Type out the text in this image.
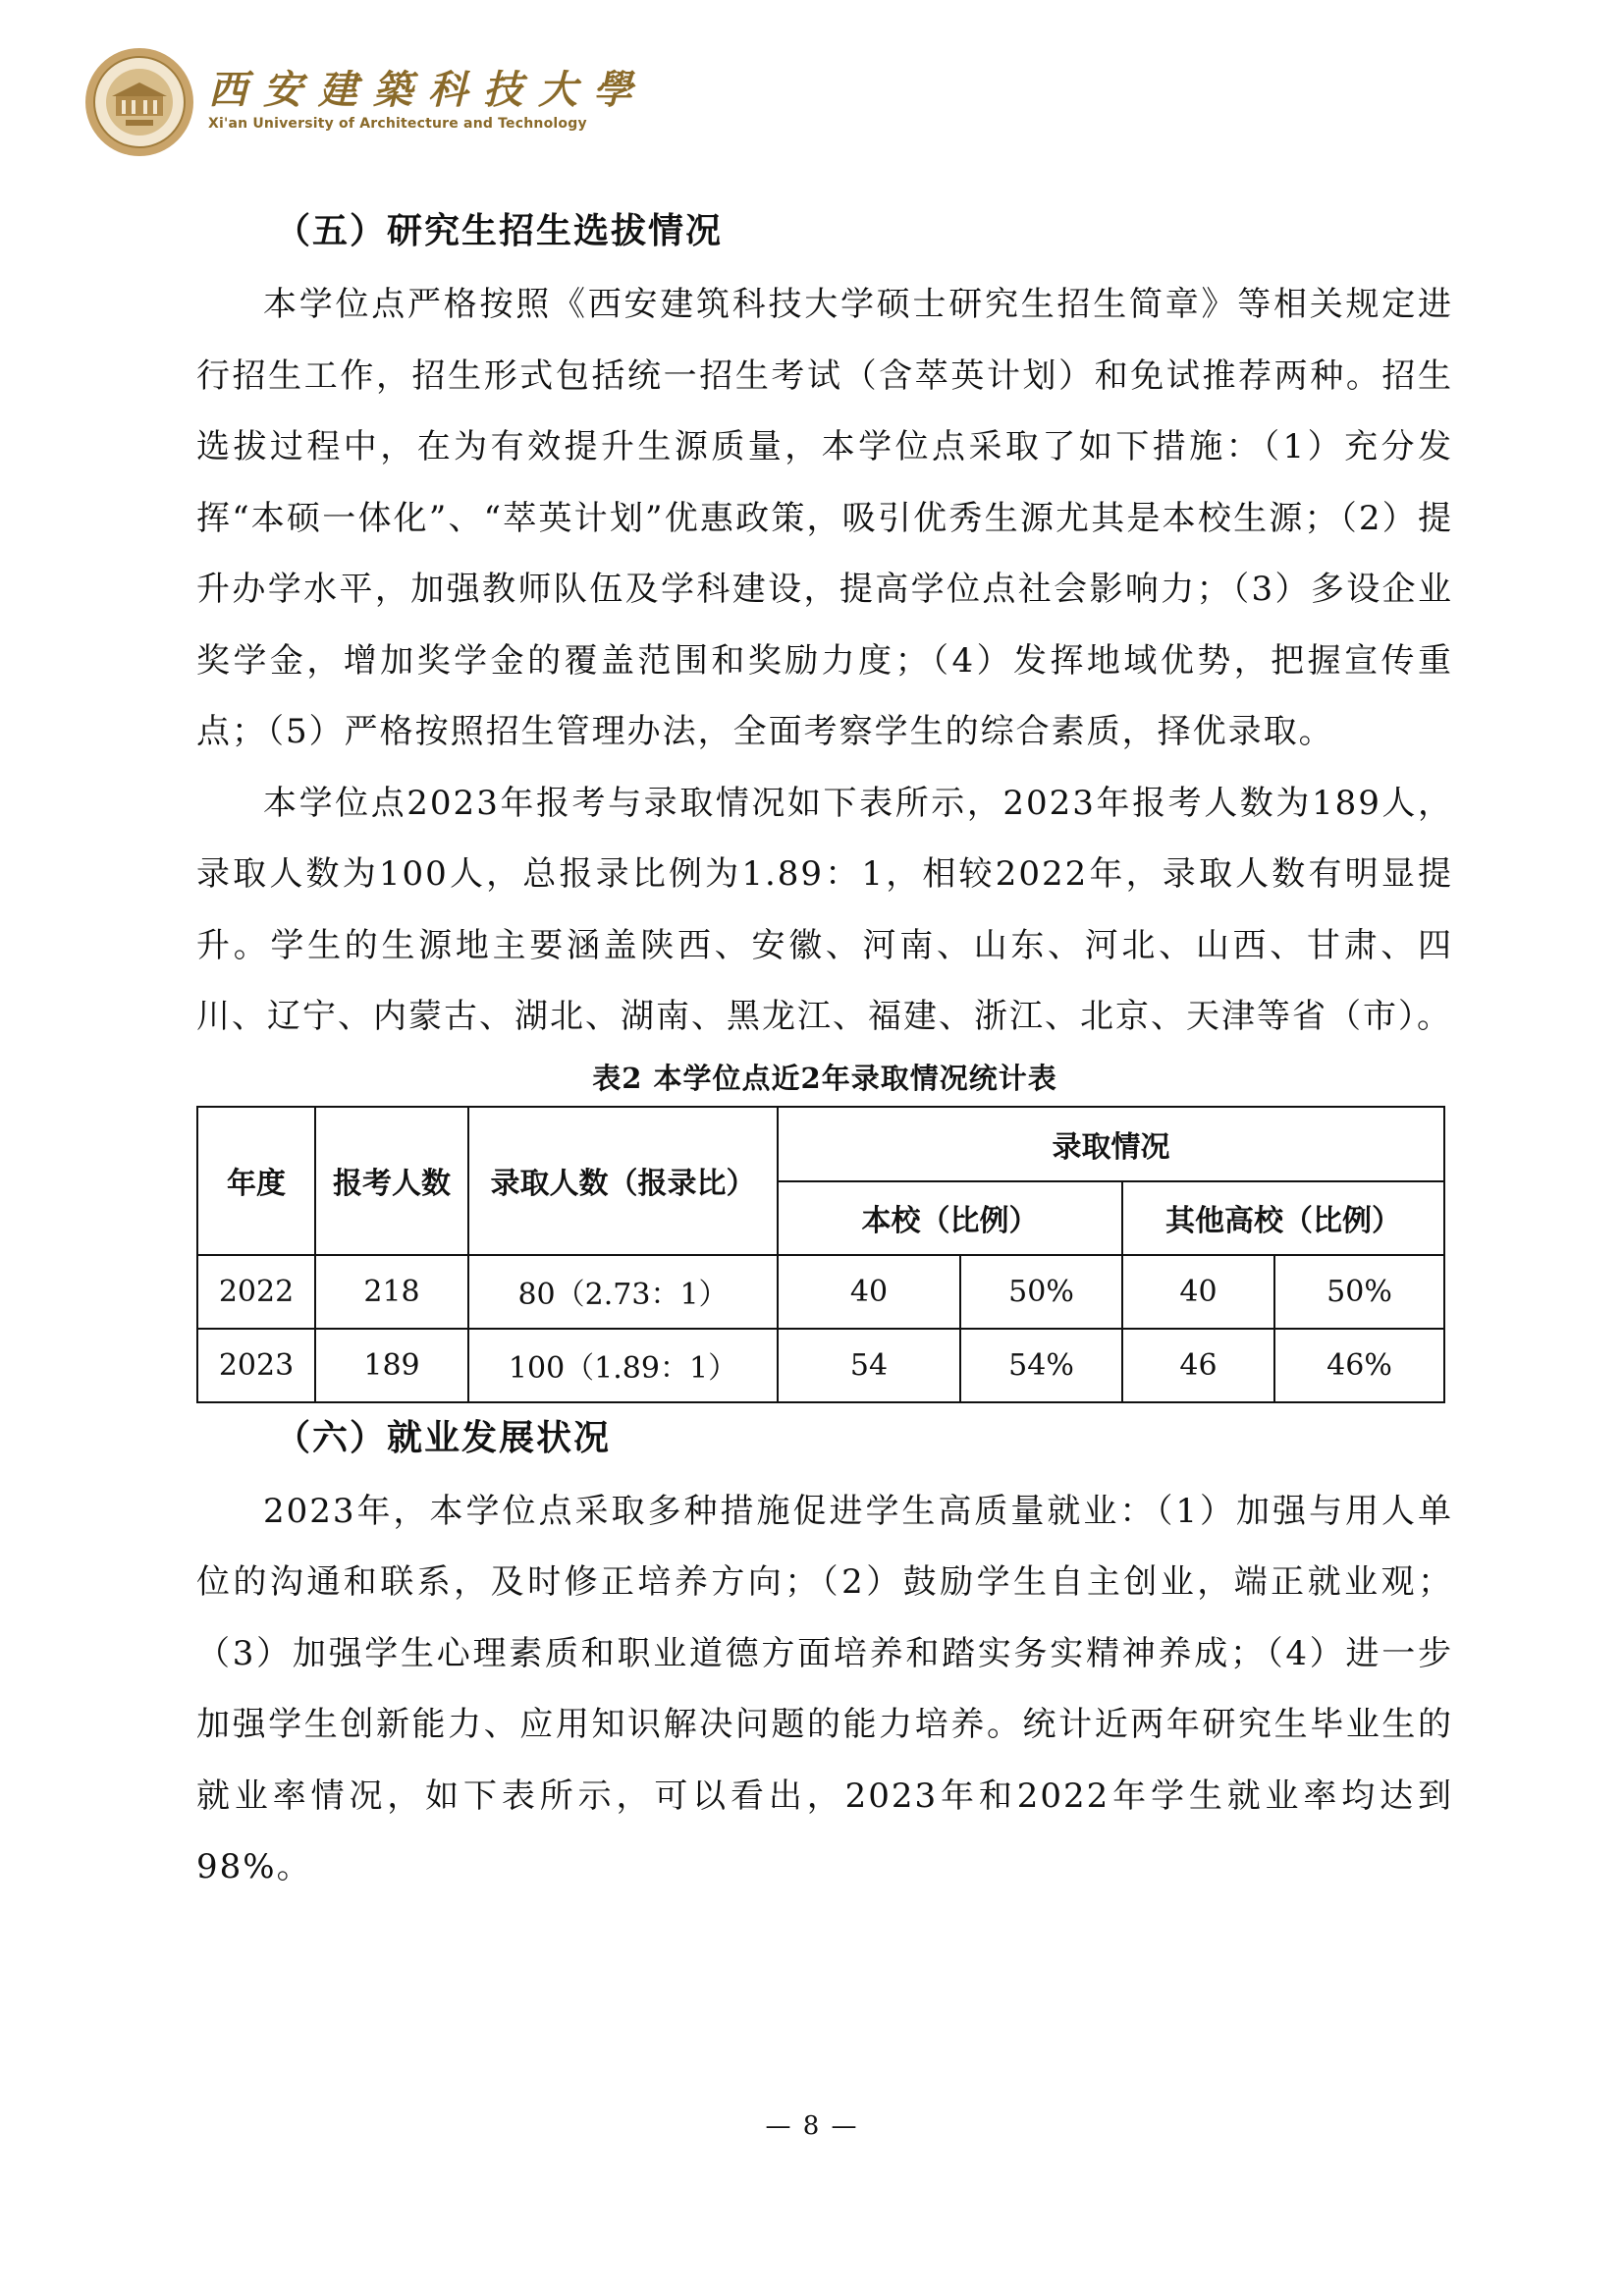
西安建築科技大學
Xi'an University of Architecture and Technology
（五）研究生招生选拔情况

本学位点严格按照《西安建筑科技大学硕士研究生招生简章》等相关规定进行招生工作，招生形式包括统一招生考试（含萃英计划）和免试推荐两种。招生选拔过程中，在为有效提升生源质量，本学位点采取了如下措施：（1）充分发挥“本硕一体化”、“萃英计划”优惠政策，吸引优秀生源尤其是本校生源；（2）提升办学水平，加强教师队伍及学科建设，提高学位点社会影响力；（3）多设企业奖学金，增加奖学金的覆盖范围和奖励力度；（4）发挥地域优势，把握宣传重点；（5）严格按照招生管理办法，全面考察学生的综合素质，择优录取。

本学位点2023年报考与录取情况如下表所示，2023年报考人数为189人，录取人数为100人，总报录比例为1.89：1，相较2022年，录取人数有明显提升。学生的生源地主要涵盖陕西、安徽、河南、山东、河北、山西、甘肃、四川、辽宁、内蒙古、湖北、湖南、黑龙江、福建、浙江、北京、天津等省（市）。

表2 本学位点近2年录取情况统计表
年度	报考人数	录取人数（报录比）	录取情况			
			本校（比例）		其他高校（比例）	
2022	218	80（2.73：1）	40	50%	40	50%
2023	189	100（1.89：1）	54	54%	46	46%
（六）就业发展状况

2023年，本学位点采取多种措施促进学生高质量就业：（1）加强与用人单位的沟通和联系，及时修正培养方向；（2）鼓励学生自主创业，端正就业观；（3）加强学生心理素质和职业道德方面培养和踏实务实精神养成；（4）进一步加强学生创新能力、应用知识解决问题的能力培养。统计近两年研究生毕业生的就业率情况，如下表所示，可以看出，2023年和2022年学生就业率均达到98%。

— 8 —
